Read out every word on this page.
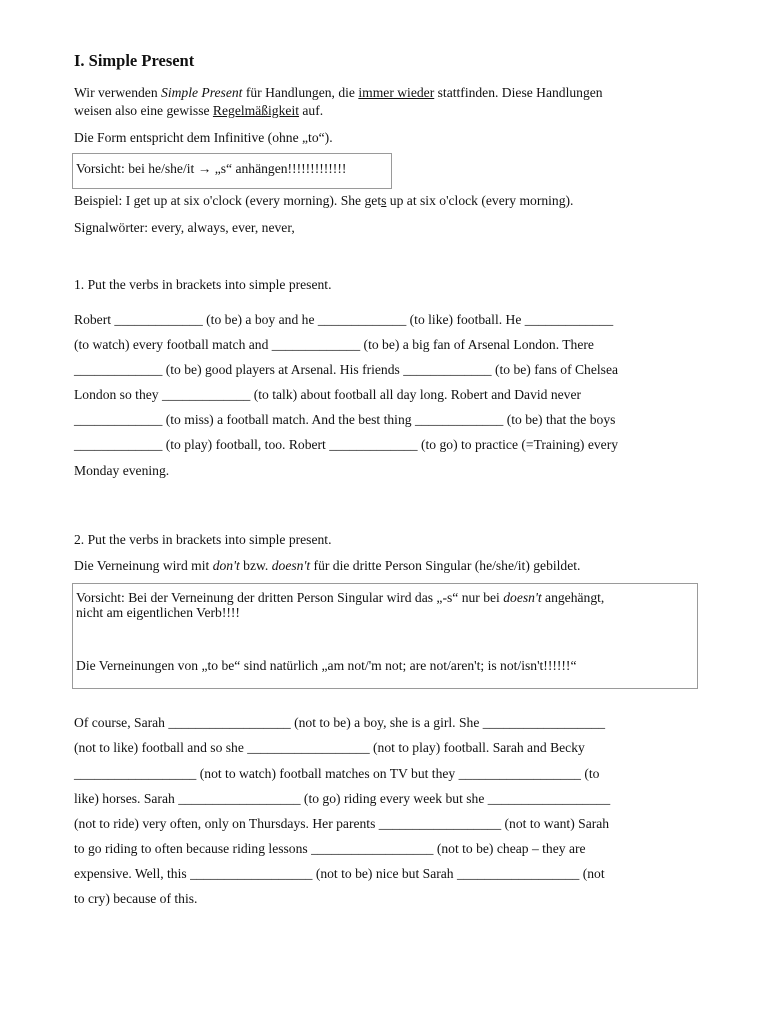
I. Simple Present
Wir verwenden Simple Present für Handlungen, die immer wieder stattfinden. Diese Handlungen
weisen also eine gewisse Regelmäßigkeit auf.
Die Form entspricht dem Infinitive (ohne „to“).
Vorsicht: bei he/she/it → „s“ anhängen!!!!!!!!!!!!!
Beispiel: I get up at six o'clock (every morning). She gets up at six o'clock (every morning).
Signalwörter: every, always, ever, never,
1. Put the verbs in brackets into simple present.
Robert _____________ (to be) a boy and he _____________ (to like) football. He _____________
(to watch) every football match and _____________ (to be) a big fan of Arsenal London. There
_____________ (to be) good players at Arsenal. His friends _____________ (to be) fans of Chelsea
London so they _____________ (to talk) about football all day long. Robert and David never
_____________ (to miss) a football match. And the best thing _____________ (to be) that the boys
_____________ (to play) football, too. Robert _____________ (to go) to practice (=Training) every
Monday evening.
2. Put the verbs in brackets into simple present.
Die Verneinung wird mit don't bzw. doesn't für die dritte Person Singular (he/she/it) gebildet.
Vorsicht: Bei der Verneinung der dritten Person Singular wird das „-s“ nur bei doesn't angehängt,
nicht am eigentlichen Verb!!!!
Die Verneinungen von „to be“ sind natürlich „am not/'m not; are not/aren't; is not/isn't!!!!!!“
Of course, Sarah __________________ (not to be) a boy, she is a girl. She __________________
(not to like) football and so she __________________ (not to play) football. Sarah and Becky
__________________ (not to watch) football matches on TV but they __________________ (to
like) horses. Sarah __________________ (to go) riding every week but she __________________
(not to ride) very often, only on Thursdays. Her parents __________________ (not to want) Sarah
to go riding to often because riding lessons __________________ (not to be) cheap – they are
expensive. Well, this __________________ (not to be) nice but Sarah __________________ (not
to cry) because of this.
